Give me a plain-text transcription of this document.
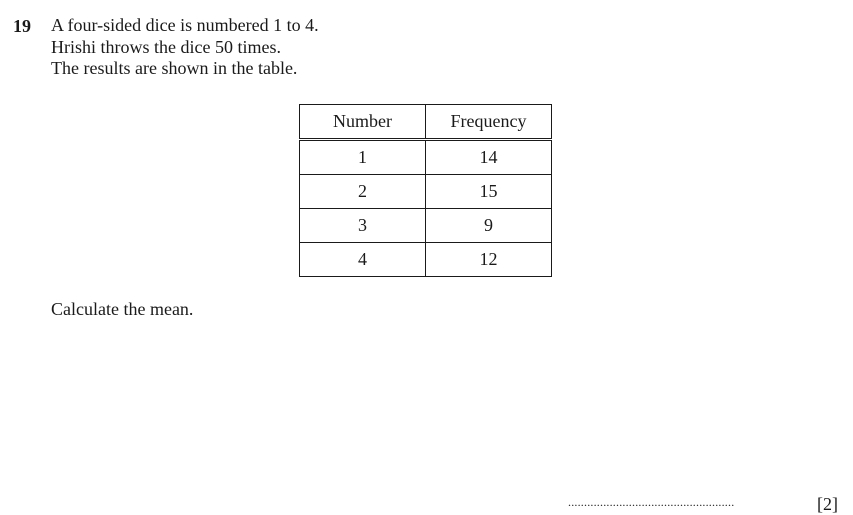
19 A four-sided dice is numbered 1 to 4.
Hrishi throws the dice 50 times.
The results are shown in the table.
Number	Frequency
1	14
2	15
3	9
4	12
Calculate the mean.
....................................................	[2]
